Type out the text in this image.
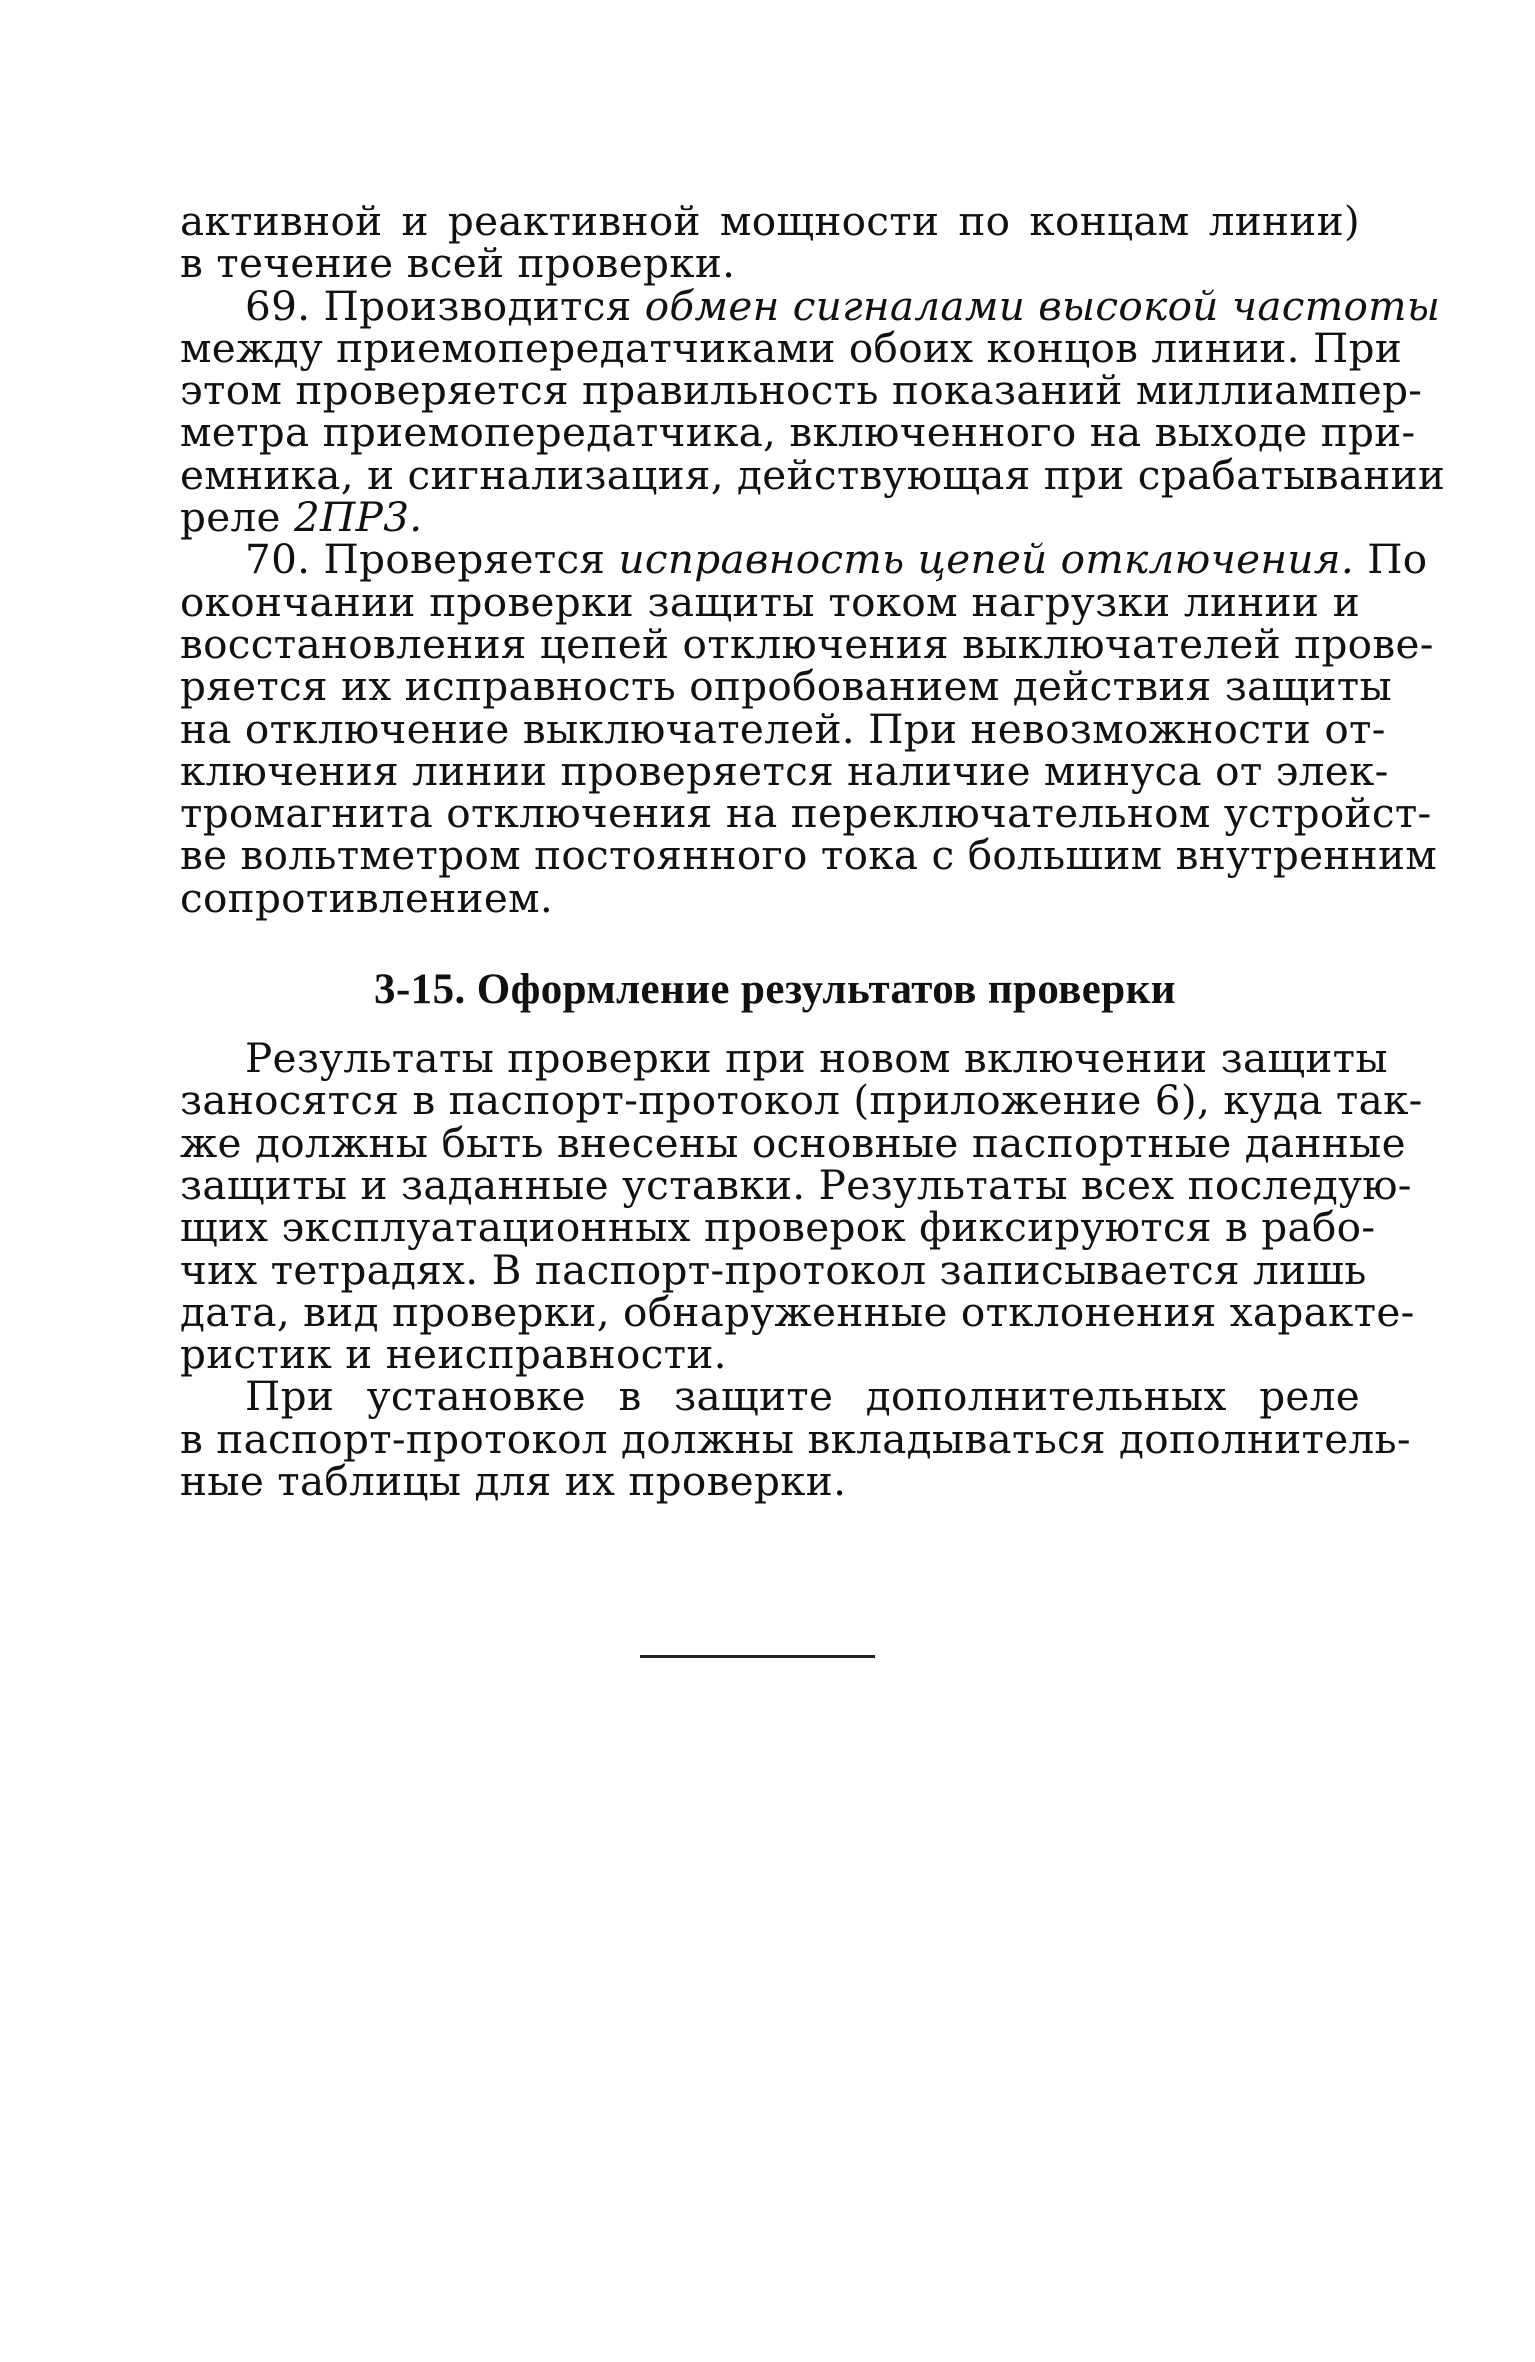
активной и реактивной мощности по концам линии)
в течение всей проверки.
69. Производится обмен сигналами высокой частоты
между приемопередатчиками обоих концов линии. При
этом проверяется правильность показаний миллиампер-
метра приемопередатчика, включенного на выходе при-
емника, и сигнализация, действующая при срабатывании
реле 2ПР3.
70. Проверяется исправность цепей отключения. По
окончании проверки защиты током нагрузки линии и
восстановления цепей отключения выключателей прове-
ряется их исправность опробованием действия защиты
на отключение выключателей. При невозможности от-
ключения линии проверяется наличие минуса от элек-
тромагнита отключения на переключательном устройст-
ве вольтметром постоянного тока с большим внутренним
сопротивлением.
3-15. Оформление результатов проверки
Результаты проверки при новом включении защиты
заносятся в паспорт-протокол (приложение 6), куда так-
же должны быть внесены основные паспортные данные
защиты и заданные уставки. Результаты всех последую-
щих эксплуатационных проверок фиксируются в рабо-
чих тетрадях. В паспорт-протокол записывается лишь
дата, вид проверки, обнаруженные отклонения характе-
ристик и неисправности.
При установке в защите дополнительных реле
в паспорт-протокол должны вкладываться дополнитель-
ные таблицы для их проверки.
